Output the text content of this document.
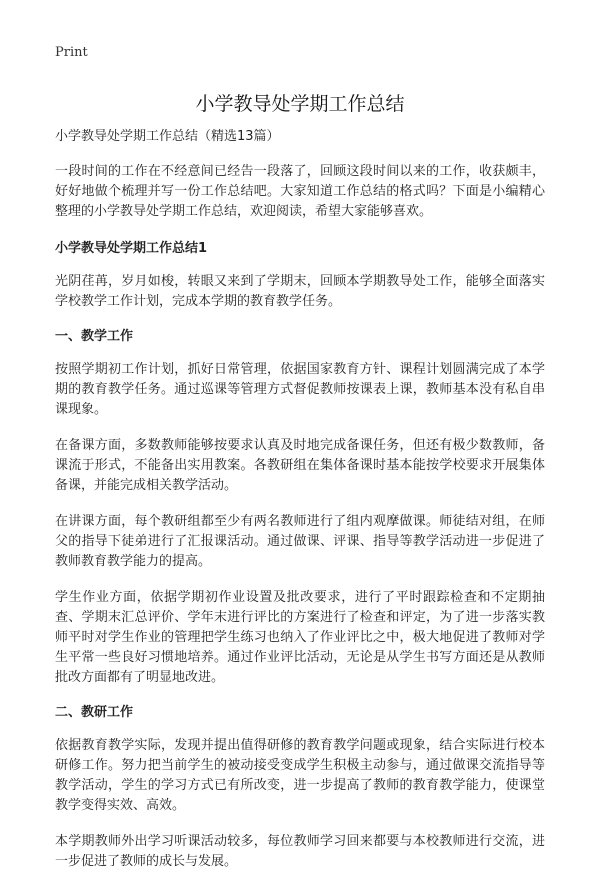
Print
小学教导处学期工作总结
小学教导处学期工作总结（精选13篇）

一段时间的工作在不经意间已经告一段落了，回顾这段时间以来的工作，收获颇丰，好好地做个梳理并写一份工作总结吧。大家知道工作总结的格式吗？下面是小编精心整理的小学教导处学期工作总结，欢迎阅读，希望大家能够喜欢。

小学教导处学期工作总结1

光阴荏苒，岁月如梭，转眼又来到了学期末，回顾本学期教导处工作，能够全面落实学校教学工作计划，完成本学期的教育教学任务。

一、教学工作

按照学期初工作计划，抓好日常管理，依据国家教育方针、课程计划圆满完成了本学期的教育教学任务。通过巡课等管理方式督促教师按课表上课，教师基本没有私自串课现象。

在备课方面，多数教师能够按要求认真及时地完成备课任务，但还有极少数教师，备课流于形式，不能备出实用教案。各教研组在集体备课时基本能按学校要求开展集体备课，并能完成相关教学活动。

在讲课方面，每个教研组都至少有两名教师进行了组内观摩做课。师徒结对组，在师父的指导下徒弟进行了汇报课活动。通过做课、评课、指导等教学活动进一步促进了教师教育教学能力的提高。

学生作业方面，依据学期初作业设置及批改要求，进行了平时跟踪检查和不定期抽查、学期末汇总评价、学年末进行评比的方案进行了检查和评定，为了进一步落实教师平时对学生作业的管理把学生练习也纳入了作业评比之中，极大地促进了教师对学生平常一些良好习惯地培养。通过作业评比活动，无论是从学生书写方面还是从教师批改方面都有了明显地改进。

二、教研工作

依据教育教学实际，发现并提出值得研修的教育教学问题或现象，结合实际进行校本研修工作。努力把当前学生的被动接受变成学生积极主动参与，通过做课交流指导等教学活动，学生的学习方式已有所改变，进一步提高了教师的教育教学能力，使课堂教学变得实效、高效。

本学期教师外出学习听课活动较多，每位教师学习回来都要与本校教师进行交流，进一步促进了教师的成长与发展。
